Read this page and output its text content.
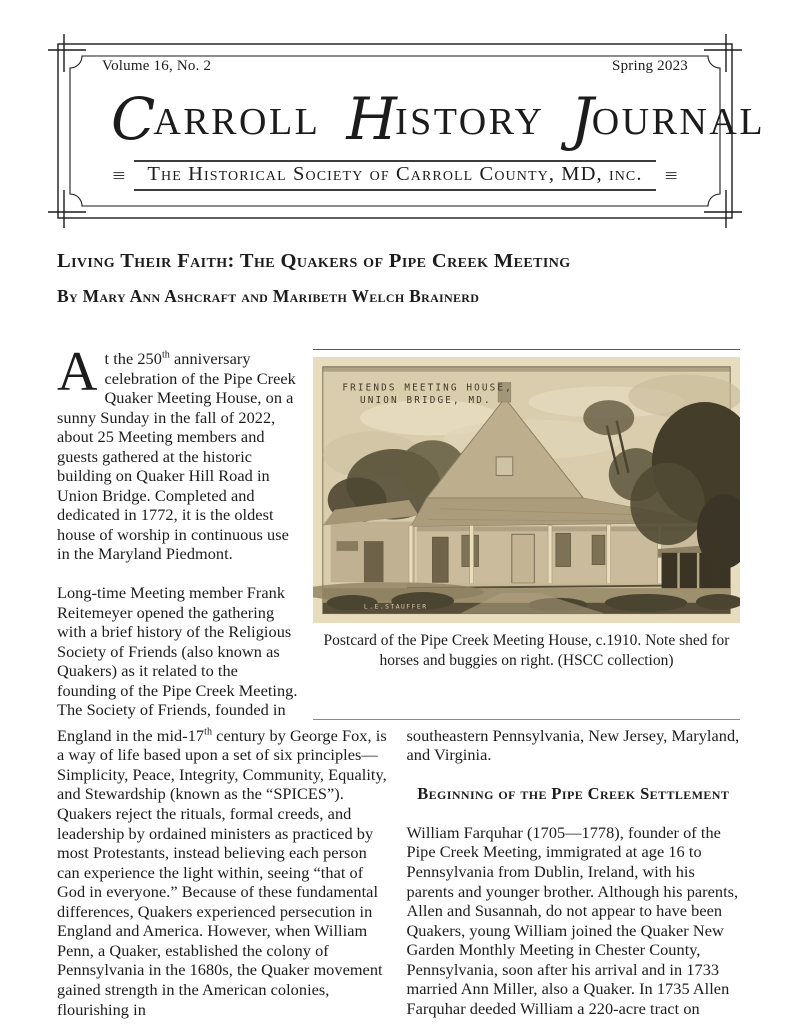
Volume 16, No. 2	Spring 2023
CARROLL HISTORY JOURNAL
≡	The Historical Society of Carroll County, MD, inc. ≡
Living Their Faith: The Quakers of Pipe Creek Meeting
By Mary Ann Ashcraft and Maribeth Welch Brainerd

At the 250th anniversary celebration of the Pipe Creek Quaker Meeting House, on a sunny Sunday in the fall of 2022, about 25 Meeting members and guests gathered at the historic building on Quaker Hill Road in Union Bridge. Completed and dedicated in 1772, it is the oldest house of worship in continuous use in the Maryland Piedmont.

Long-time Meeting member Frank Reitemeyer opened the gathering with a brief history of the Religious Society of Friends (also known as Quakers) as it related to the founding of the Pipe Creek Meeting. The Society of Friends, founded in

FRIENDS MEETING HOUSE,
UNION BRIDGE, MD.
L.E.STAUFFER
Postcard of the Pipe Creek Meeting House, c.1910. Note shed for horses and buggies on right. (HSCC collection)

England in the mid-17th century by George Fox, is a way of life based upon a set of six principles—Simplicity, Peace, Integrity, Community, Equality, and Stewardship (known as the “SPICES”). Quakers reject the rituals, formal creeds, and leadership by ordained ministers as practiced by most Protestants, instead believing each person can experience the light within, seeing “that of God in everyone.” Because of these fundamental differences, Quakers experienced persecution in England and America. However, when William Penn, a Quaker, established the colony of Pennsylvania in the 1680s, the Quaker movement gained strength in the American colonies, flourishing in

southeastern Pennsylvania, New Jersey, Maryland, and Virginia.

Beginning of the Pipe Creek Settlement

William Farquhar (1705—1778), founder of the Pipe Creek Meeting, immigrated at age 16 to Pennsylvania from Dublin, Ireland, with his parents and younger brother. Although his parents, Allen and Susannah, do not appear to have been Quakers, young William joined the Quaker New Garden Monthly Meeting in Chester County, Pennsylvania, soon after his arrival and in 1733 married Ann Miller, also a Quaker. In 1735 Allen Farquhar deeded William a 220-acre tract on
